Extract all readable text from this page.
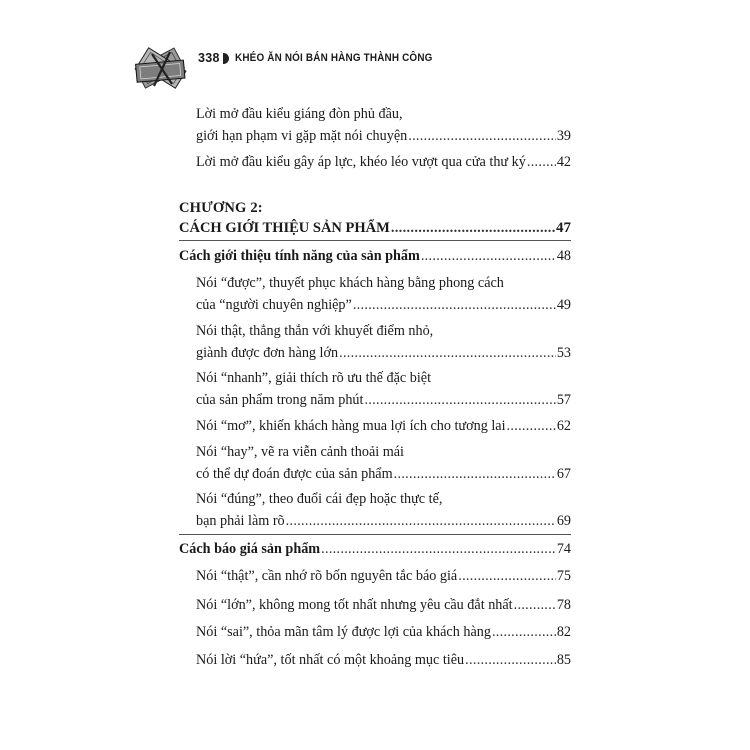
338 KHÉO ĂN NÓI BÁN HÀNG THÀNH CÔNG
Lời mở đầu kiểu giáng đòn phủ đầu,
giới hạn phạm vi gặp mặt nói chuyện .....	39
Lời mở đầu kiểu gây áp lực, khéo léo vượt qua cửa thư ký ..... 42
CHƯƠNG 2:
CÁCH GIỚI THIỆU SẢN PHẨM .....	47
Cách giới thiệu tính năng của sản phẩm .....	48
Nói “được”, thuyết phục khách hàng bằng phong cách
của “người chuyên nghiệp” .....	49
Nói thật, thẳng thắn với khuyết điểm nhỏ,
giành được đơn hàng lớn .....	53
Nói “nhanh”, giải thích rõ ưu thế đặc biệt
của sản phẩm trong năm phút .....	57
Nói “mơ”, khiến khách hàng mua lợi ích cho tương lai .....	62
Nói “hay”, vẽ ra viễn cảnh thoải mái
có thể dự đoán được của sản phẩm .....	67
Nói “đúng”, theo đuổi cái đẹp hoặc thực tế,
bạn phải làm rõ .....	69
Cách báo giá sản phẩm .....	74
Nói “thật”, cần nhớ rõ bốn nguyên tắc báo giá .....	75
Nói “lớn”, không mong tốt nhất nhưng yêu cầu đắt nhất .....	78
Nói “sai”, thỏa mãn tâm lý được lợi của khách hàng .....	82
Nói lời “hứa”, tốt nhất có một khoảng mục tiêu .....	85
